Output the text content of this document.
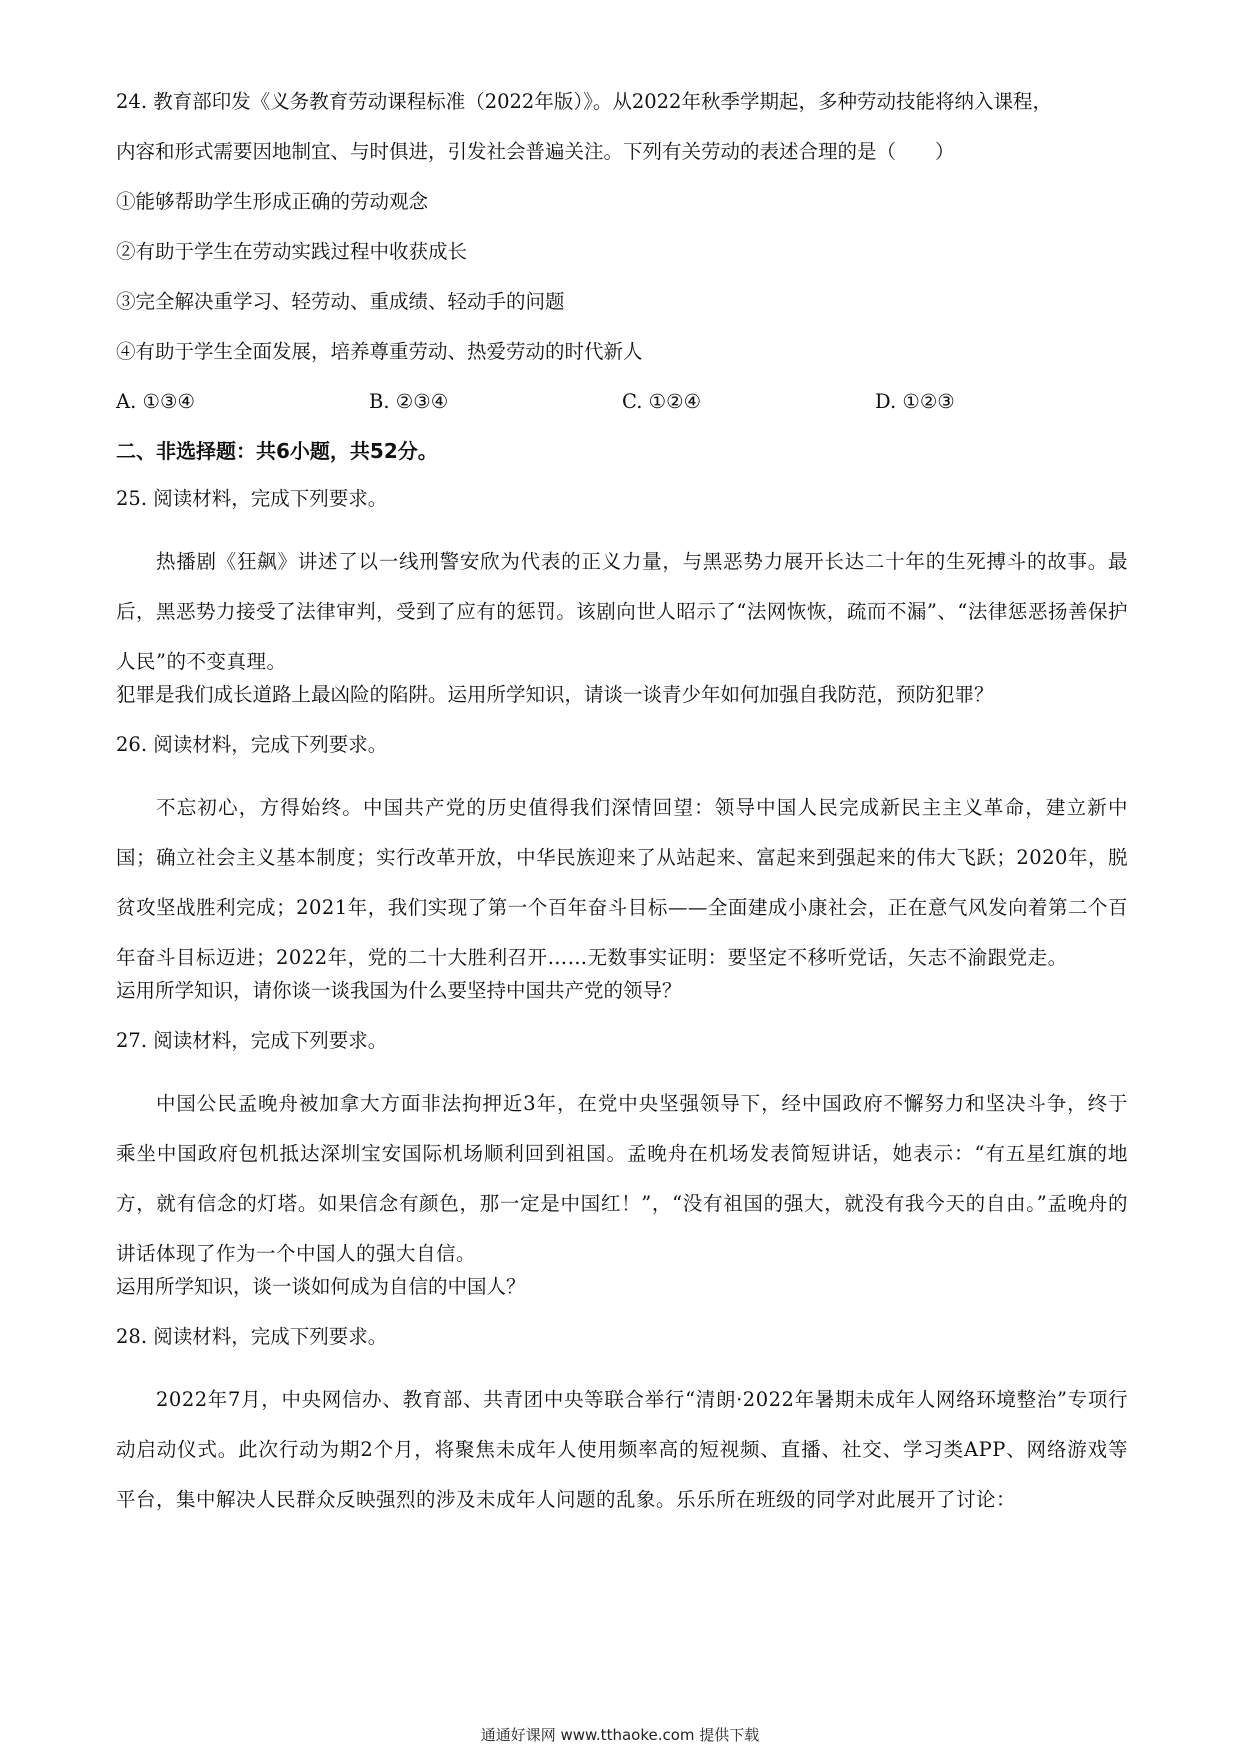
24. 教育部印发《义务教育劳动课程标准（2022年版）》。从2022年秋季学期起，多种劳动技能将纳入课程，

内容和形式需要因地制宜、与时俱进，引发社会普遍关注。下列有关劳动的表述合理的是（　　）

①能够帮助学生形成正确的劳动观念

②有助于学生在劳动实践过程中收获成长

③完全解决重学习、轻劳动、重成绩、轻动手的问题

④有助于学生全面发展，培养尊重劳动、热爱劳动的时代新人

A. ①③④	B. ②③④	C. ①②④	D. ①②③

二、非选择题：共6小题，共52分。

25. 阅读材料，完成下列要求。

热播剧《狂飙》讲述了以一线刑警安欣为代表的正义力量，与黑恶势力展开长达二十年的生死搏斗的故事。最后，黑恶势力接受了法律审判，受到了应有的惩罚。该剧向世人昭示了“法网恢恢，疏而不漏”、“法律惩恶扬善保护人民”的不变真理。

犯罪是我们成长道路上最凶险的陷阱。运用所学知识，请谈一谈青少年如何加强自我防范，预防犯罪？

26. 阅读材料，完成下列要求。

不忘初心，方得始终。中国共产党的历史值得我们深情回望：领导中国人民完成新民主主义革命，建立新中国；确立社会主义基本制度；实行改革开放，中华民族迎来了从站起来、富起来到强起来的伟大飞跃；2020年，脱贫攻坚战胜利完成；2021年，我们实现了第一个百年奋斗目标——全面建成小康社会，正在意气风发向着第二个百年奋斗目标迈进；2022年，党的二十大胜利召开……无数事实证明：要坚定不移听党话，矢志不渝跟党走。

运用所学知识，请你谈一谈我国为什么要坚持中国共产党的领导？

27. 阅读材料，完成下列要求。

中国公民孟晚舟被加拿大方面非法拘押近3年，在党中央坚强领导下，经中国政府不懈努力和坚决斗争，终于乘坐中国政府包机抵达深圳宝安国际机场顺利回到祖国。孟晚舟在机场发表简短讲话，她表示：“有五星红旗的地方，就有信念的灯塔。如果信念有颜色，那一定是中国红！”，“没有祖国的强大，就没有我今天的自由。”孟晚舟的讲话体现了作为一个中国人的强大自信。

运用所学知识，谈一谈如何成为自信的中国人？

28. 阅读材料，完成下列要求。

2022年7月，中央网信办、教育部、共青团中央等联合举行“清朗·2022年暑期未成年人网络环境整治”专项行动启动仪式。此次行动为期2个月，将聚焦未成年人使用频率高的短视频、直播、社交、学习类APP、网络游戏等平台，集中解决人民群众反映强烈的涉及未成年人问题的乱象。乐乐所在班级的同学对此展开了讨论：

通通好课网 www.tthaoke.com 提供下载
